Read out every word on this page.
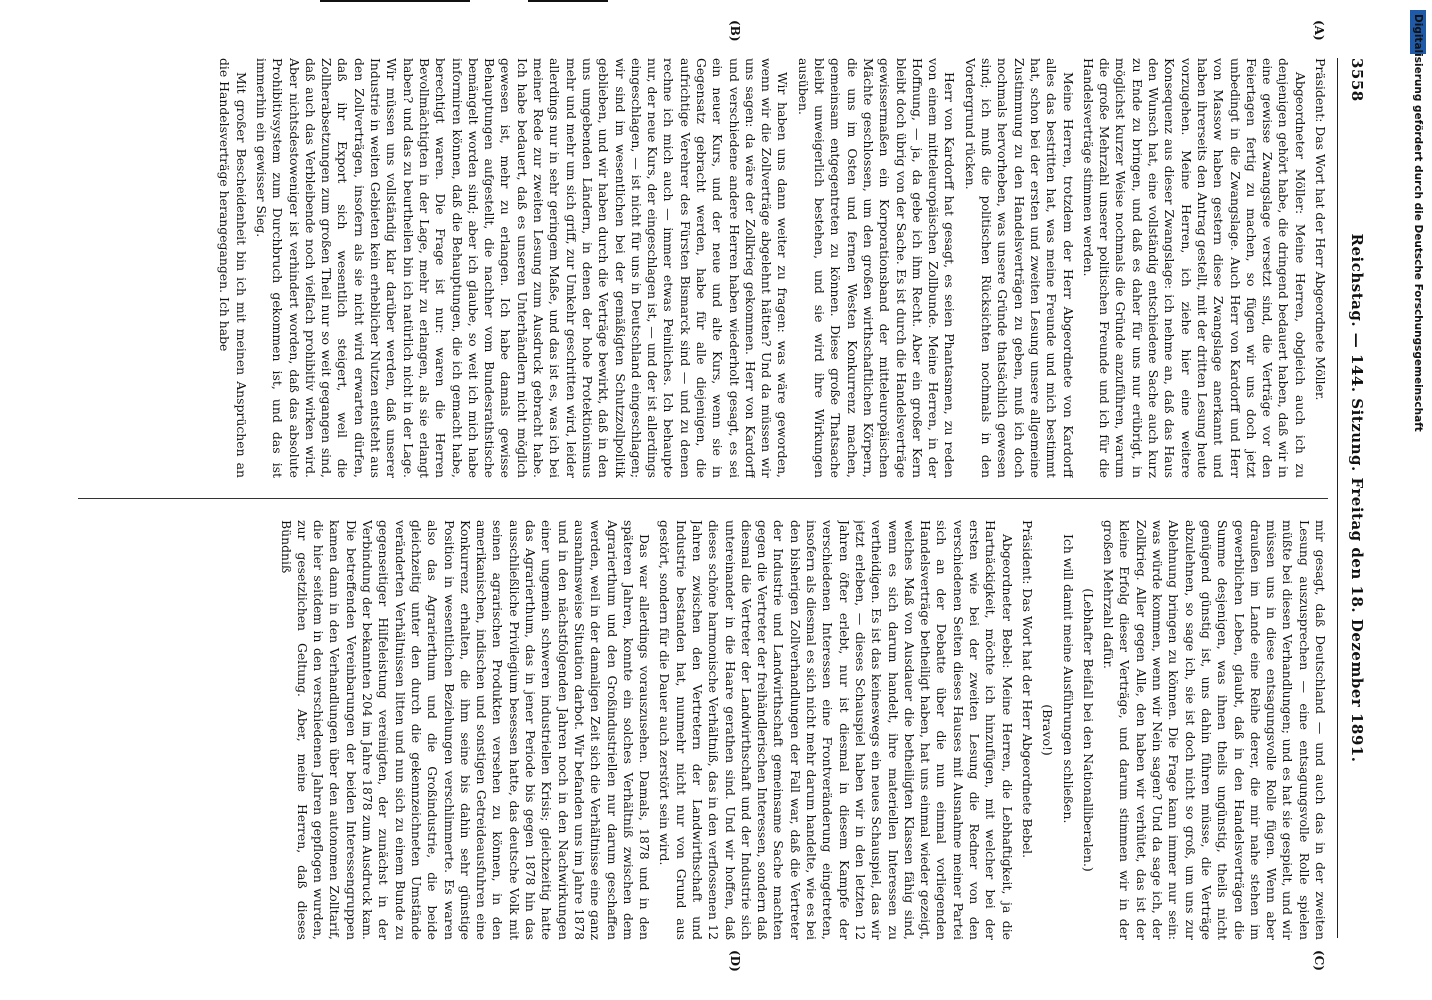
3558
Reichstag. — 144. Sitzung. Freitag den 18. Dezember 1891.
(A)
(B)
(C)
(D)

Präsident: Das Wort hat der Herr Abgeordnete Möller.

Abgeordneter Möller: Meine Herren, obgleich auch ich zu denjenigen gehört habe, die dringend bedauert haben, daß wir in eine gewisse Zwangslage versetzt sind, die Verträge vor den Feiertagen fertig zu machen, so fügen wir uns doch jetzt unbedingt in die Zwangslage. Auch Herr von Kardorff und Herr von Massow haben gestern diese Zwangslage anerkannt und haben ihrerseits den Antrag gestellt, mit der dritten Lesung heute vorzugehen. Meine Herren, ich ziehe hier eine weitere Konsequenz aus dieser Zwangslage: ich nehme an, daß das Haus den Wunsch hat, eine vollständig entschiedene Sache auch kurz zu Ende zu bringen, und daß es daher für uns nur erübrigt, in möglichst kurzer Weise nochmals die Gründe anzuführen, warum die große Mehrzahl unserer politischen Freunde und ich für die Handelsverträge stimmen werden.

Meine Herren, trotzdem der Herr Abgeordnete von Kardorff alles das bestritten hat, was meine Freunde und mich bestimmt hat, schon bei der ersten und zweiten Lesung unsere allgemeine Zustimmung zu den Handelsverträgen zu geben, muß ich doch nochmals hervorheben, was unsere Gründe thatsächlich gewesen sind; ich muß die politischen Rücksichten nochmals in den Vordergrund rücken.

Herr von Kardorff hat gesagt, es seien Phantasmen, zu reden von einem mitteleuropäischen Zollbunde. Meine Herren, in der Hoffnung, — ja, da gebe ich ihm Recht. Aber ein großer Kern bleibt doch übrig von der Sache. Es ist durch die Handelsverträge gewissermaßen ein Korporationsband der mitteleuropäischen Mächte geschlossen, um den großen wirthschaftlichen Körpern, die uns im Osten und fernen Westen Konkurrenz machen, gemeinsam entgegentreten zu können. Diese große Thatsache bleibt unweigerlich bestehen, und sie wird ihre Wirkungen ausüben.

Wir haben uns dann weiter zu fragen: was wäre geworden, wenn wir die Zollverträge abgelehnt hätten? Und da müssen wir uns sagen: da wäre der Zollkrieg gekommen. Herr von Kardorff und verschiedene andere Herren haben wiederholt gesagt, es sei ein neuer Kurs, und der neue und alte Kurs, wenn sie in Gegensatz gebracht werden, habe für alle diejenigen, die aufrichtige Verehrer des Fürsten Bismarck sind — und zu denen rechne ich mich auch — immer etwas Peinliches. Ich behaupte nur, der neue Kurs, der eingeschlagen ist, — und der ist allerdings eingeschlagen, — ist nicht für uns in Deutschland eingeschlagen; wir sind im wesentlichen bei der gemäßigten Schutzzollpolitik geblieben, und wir haben durch die Verträge bewirkt, daß in den uns umgebenden Ländern, in denen der hohe Protektionismus mehr und mehr um sich griff, zur Umkehr geschritten wird, leider allerdings nur in sehr geringem Maße, und das ist es, was ich bei meiner Rede zur zweiten Lesung zum Ausdruck gebracht habe. Ich habe bedauert, daß es unseren Unterhändlern nicht möglich gewesen ist, mehr zu erlangen. Ich habe damals gewisse Behauptungen aufgestellt, die nachher vom Bundesrathstische bemängelt worden sind; aber ich glaube, so weit ich mich habe informiren können, daß die Behauptungen, die ich gemacht habe, berechtigt waren. Die Frage ist nur: waren die Herren Bevollmächtigten in der Lage, mehr zu erlangen, als sie erlangt haben? und das zu beurtheilen bin ich natürlich nicht in der Lage. Wir müssen uns vollständig klar darüber werden, daß unserer Industrie in weiten Gebieten kein erheblicher Nutzen entsteht aus den Zollverträgen, insofern als sie nicht wird erwarten dürfen, daß ihr Export sich wesentlich steigert, weil die Zollherabsetzungen zum großen Theil nur so weit gegangen sind, daß auch das Verbleibende noch vielfach prohibitiv wirken wird. Aber nichtsdestoweniger ist verhindert worden, daß das absolute Prohibitivsystem zum Durchbruch gekommen ist, und das ist immerhin ein gewisser Sieg.

Mit großer Bescheidenheit bin ich mit meinen Ansprüchen an die Handelsverträge herangegangen. Ich habe

mir gesagt, daß Deutschland — und auch das in der zweiten Lesung auszusprechen — eine entsagungsvolle Rolle spielen müßte bei diesen Verhandlungen; und es hat sie gespielt, und wir müssen uns in diese entsagungsvolle Rolle fügen. Wenn aber draußen im Lande eine Reihe derer, die mir nahe stehen im gewerblichen Leben, glaubt, daß in den Handelsverträgen die Summe desjenigen, was ihnen theils ungünstig, theils nicht genügend günstig ist, uns dahin führen müsse, die Verträge abzulehnen, so sage ich, sie ist doch nicht so groß, um uns zur Ablehnung bringen zu können. Die Frage kann immer nur sein: was würde kommen, wenn wir Nein sagen? Und da sage ich, der Zollkrieg. Aller gegen Alle, den haben wir verhütet, das ist der kleine Erfolg dieser Verträge, und darum stimmen wir in der großen Mehrzahl dafür.

(Lebhafter Beifall bei den Nationalliberalen.)

Ich will damit meine Ausführungen schließen.

(Bravo!)

Präsident: Das Wort hat der Herr Abgeordnete Bebel.

Abgeordneter Bebel: Meine Herren, die Lebhaftigkeit, ja die Hartnäckigkeit, möchte ich hinzufügen, mit welcher bei der ersten wie bei der zweiten Lesung die Redner von den verschiedenen Seiten dieses Hauses mit Ausnahme meiner Partei sich an der Debatte über die nun einmal vorliegenden Handelsverträge betheiligt haben, hat uns einmal wieder gezeigt, welches Maß von Ausdauer die betheiligten Klassen fähig sind, wenn es sich darum handelt, ihre materiellen Interessen zu vertheidigen. Es ist das keineswegs ein neues Schauspiel, das wir jetzt erleben, — dieses Schauspiel haben wir in den letzten 12 Jahren öfter erlebt, nur ist diesmal in diesem Kampfe der verschiedenen Interessen eine Frontveränderung eingetreten, insofern als diesmal es sich nicht mehr darum handelte, wie es bei den bisherigen Zollverhandlungen der Fall war, daß die Vertreter der Industrie und Landwirthschaft gemeinsame Sache machten gegen die Vertreter der freihändlerischen Interessen, sondern daß diesmal die Vertreter der Landwirthschaft und der Industrie sich untereinander in die Haare gerathen sind. Und wir hoffen, daß dieses schöne harmonische Verhältniß, das in den verflossenen 12 Jahren zwischen den Vertretern der Landwirthschaft und Industrie bestanden hat, nunmehr nicht nur von Grund aus gestört, sondern für die Dauer auch zerstört sein wird.

Das war allerdings vorauszusehen. Damals, 1878 und in den späteren Jahren, konnte ein solches Verhältniß zwischen dem Agrarierthum und den Großindustriellen nur darum geschaffen werden, weil in der damaligen Zeit sich die Verhältnisse eine ganz ausnahmsweise Situation darbot. Wir befanden uns im Jahre 1878 und in den nächstfolgenden Jahren noch in den Nachwirkungen einer ungemein schweren industriellen Krisis; gleichzeitig hatte das Agrarierthum, das in jener Periode bis gegen 1878 hin das ausschließliche Privilegium besessen hatte, das deutsche Volk mit seinen agrarischen Produkten versehen zu können, in den amerikanischen, indischen und sonstigen Getreideausfuhren eine Konkurrenz erhalten, die ihm seine bis dahin sehr günstige Position in wesentlichen Beziehungen verschlimmerte. Es waren also das Agrarierthum und die Großindustrie, die beide gleichzeitig unter den durch die gekennzeichneten Umstände veränderten Verhältnissen litten und nun sich zu einem Bunde zu gegenseitiger Hilfeleistung vereinigten, der zunächst in der Verbindung der bekannten 204 im Jahre 1878 zum Ausdruck kam. Die betreffenden Vereinbarungen der beiden Interessengruppen kamen dann in den Verhandlungen über den autonomen Zolltarif, die hier seitdem in den verschiedenen Jahren gepflogen wurden, zur gesetzlichen Geltung. Aber, meine Herren, daß dieses Bündniß

Digitalisierung gefördert durch die Deutsche Forschungsgemeinschaft
